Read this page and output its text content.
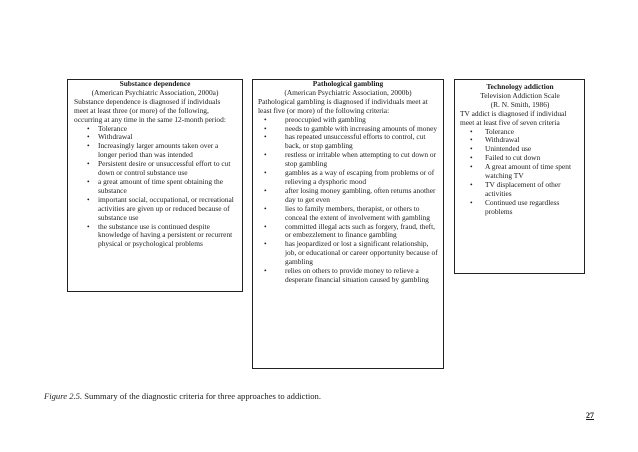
Substance dependence
(American Psychiatric Association, 2000a)

Substance dependence is diagnosed if individuals meet at least three (or more) of the following, occurring at any time in the same 12-month period:

• Tolerance
• Withdrawal
• Increasingly larger amounts taken over a longer period than was intended
• Persistent desire or unsuccessful effort to cut down or control substance use
• a great amount of time spent obtaining the substance
• important social, occupational, or recreational activities are given up or reduced because of substance use
• the substance use is continued despite knowledge of having a persistent or recurrent physical or psychological problems
Pathological gambling
(American Psychiatric Association, 2000b)

Pathological gambling is diagnosed if individuals meet at least five (or more) of the following criteria:

• preoccupied with gambling
• needs to gamble with increasing amounts of money
• has repeated unsuccessful efforts to control, cut back, or stop gambling
• restless or irritable when attempting to cut down or stop gambling
• gambles as a way of escaping from problems or of relieving a dysphoric mood
• after losing money gambling, often returns another day to get even
• lies to family members, therapist, or others to conceal the extent of involvement with gambling
• committed illegal acts such as forgery, fraud, theft, or embezzlement to finance gambling
• has jeopardized or lost a significant relationship, job, or educational or career opportunity because of gambling
• relies on others to provide money to relieve a desperate financial situation caused by gambling
Technology addiction
Television Addiction Scale
(R. N. Smith, 1986)

TV addict is diagnosed if individual meet at least five of seven criteria

• Tolerance
• Withdrawal
• Unintended use
• Failed to cut down
• A great amount of time spent watching TV
• TV displacement of other activities
• Continued use regardless problems
Figure 2.5. Summary of the diagnostic criteria for three approaches to addiction.
27
